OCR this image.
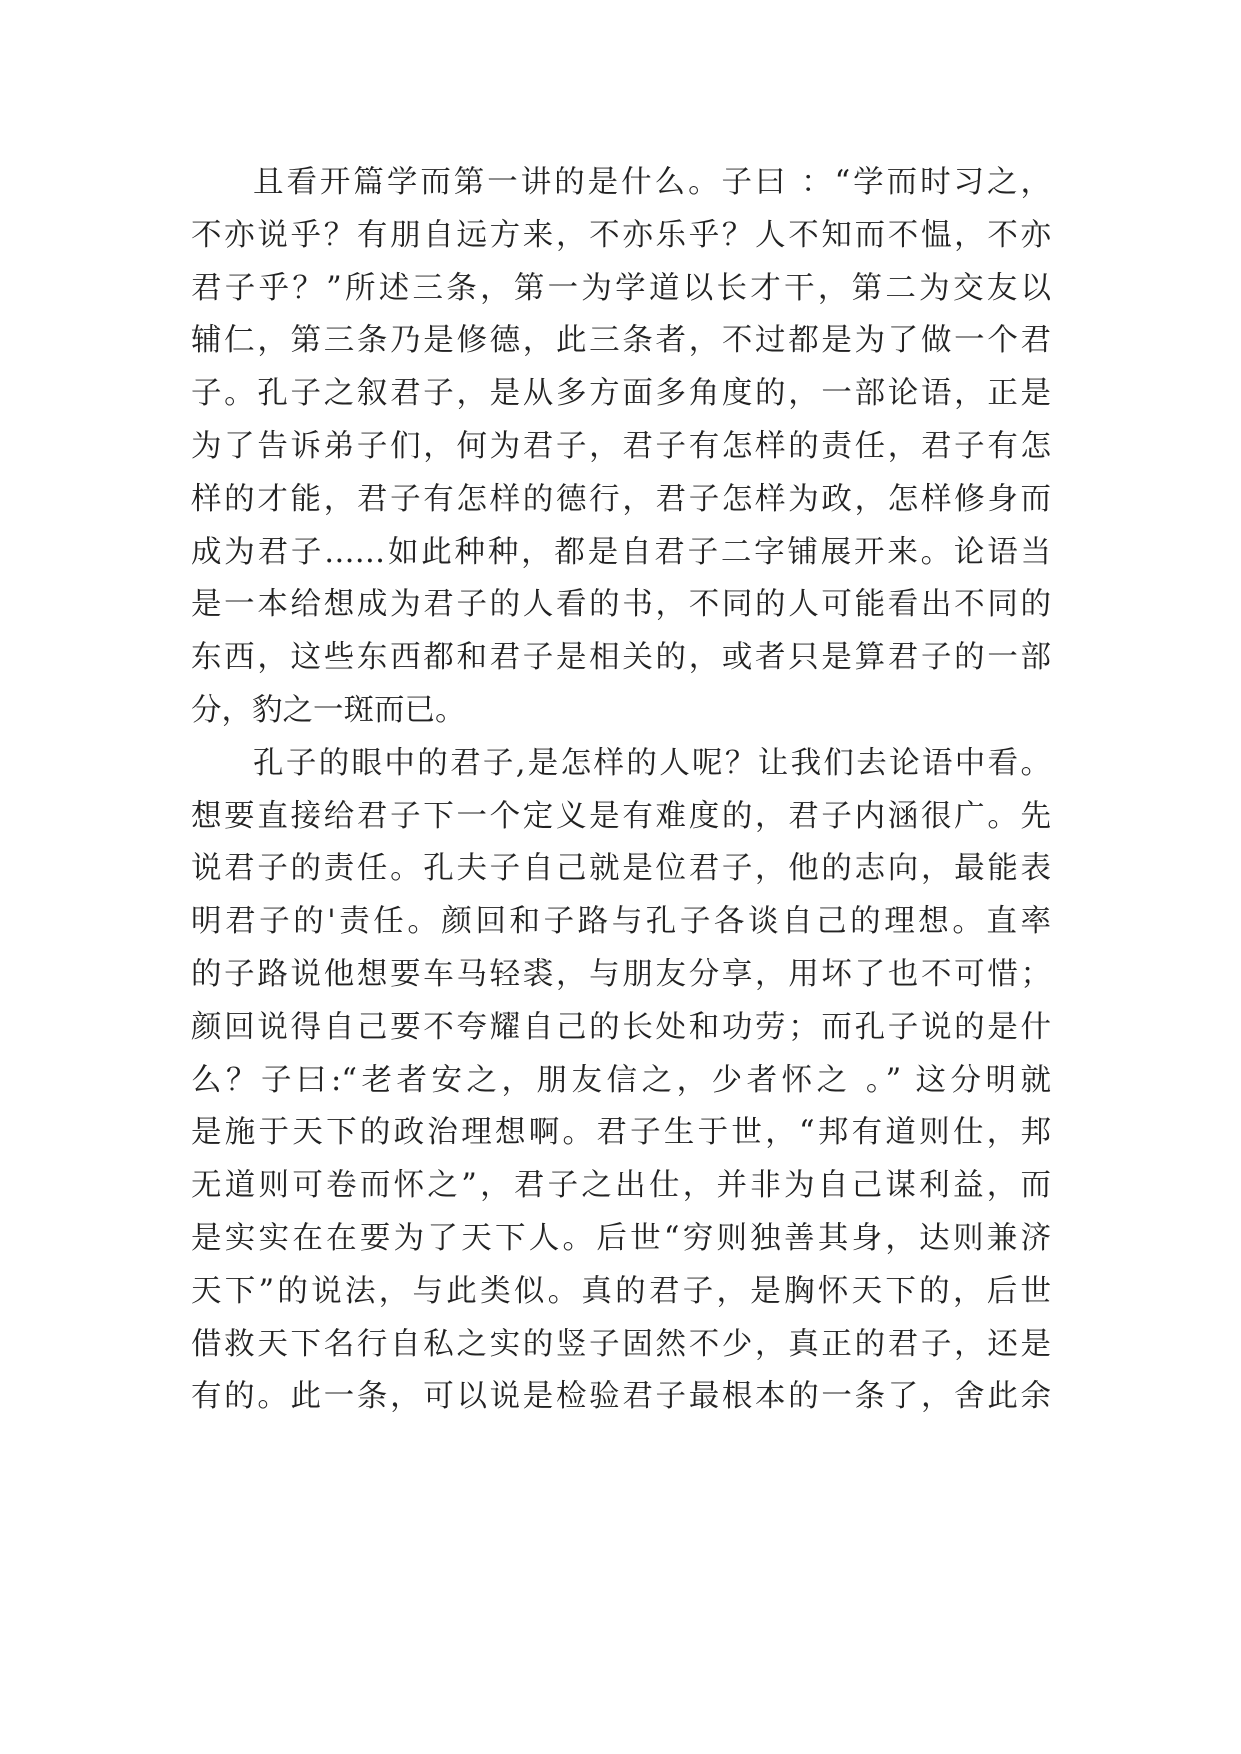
且看开篇学而第一讲的是什么。子曰 ：“学而时习之，
不亦说乎？有朋自远方来，不亦乐乎？人不知而不愠，不亦
君子乎？”所述三条，第一为学道以长才干，第二为交友以
辅仁，第三条乃是修德，此三条者，不过都是为了做一个君
子。孔子之叙君子，是从多方面多角度的，一部论语，正是
为了告诉弟子们，何为君子，君子有怎样的责任，君子有怎
样的才能，君子有怎样的德行，君子怎样为政，怎样修身而
成为君子……如此种种，都是自君子二字铺展开来。论语当
是一本给想成为君子的人看的书，不同的人可能看出不同的
东西，这些东西都和君子是相关的，或者只是算君子的一部
分，豹之一斑而已。
孔子的眼中的君子,是怎样的人呢？让我们去论语中看。
想要直接给君子下一个定义是有难度的，君子内涵很广。先
说君子的责任。孔夫子自己就是位君子，他的志向，最能表
明君子的'责任。颜回和子路与孔子各谈自己的理想。直率
的子路说他想要车马轻裘，与朋友分享，用坏了也不可惜；
颜回说得自己要不夸耀自己的长处和功劳；而孔子说的是什
么？子曰:“老者安之，朋友信之，少者怀之 。” 这分明就
是施于天下的政治理想啊。君子生于世，“邦有道则仕，邦
无道则可卷而怀之”，君子之出仕，并非为自己谋利益，而
是实实在在要为了天下人。后世“穷则独善其身，达则兼济
天下”的说法，与此类似。真的君子，是胸怀天下的，后世
借救天下名行自私之实的竖子固然不少，真正的君子，还是
有的。此一条，可以说是检验君子最根本的一条了，舍此余
